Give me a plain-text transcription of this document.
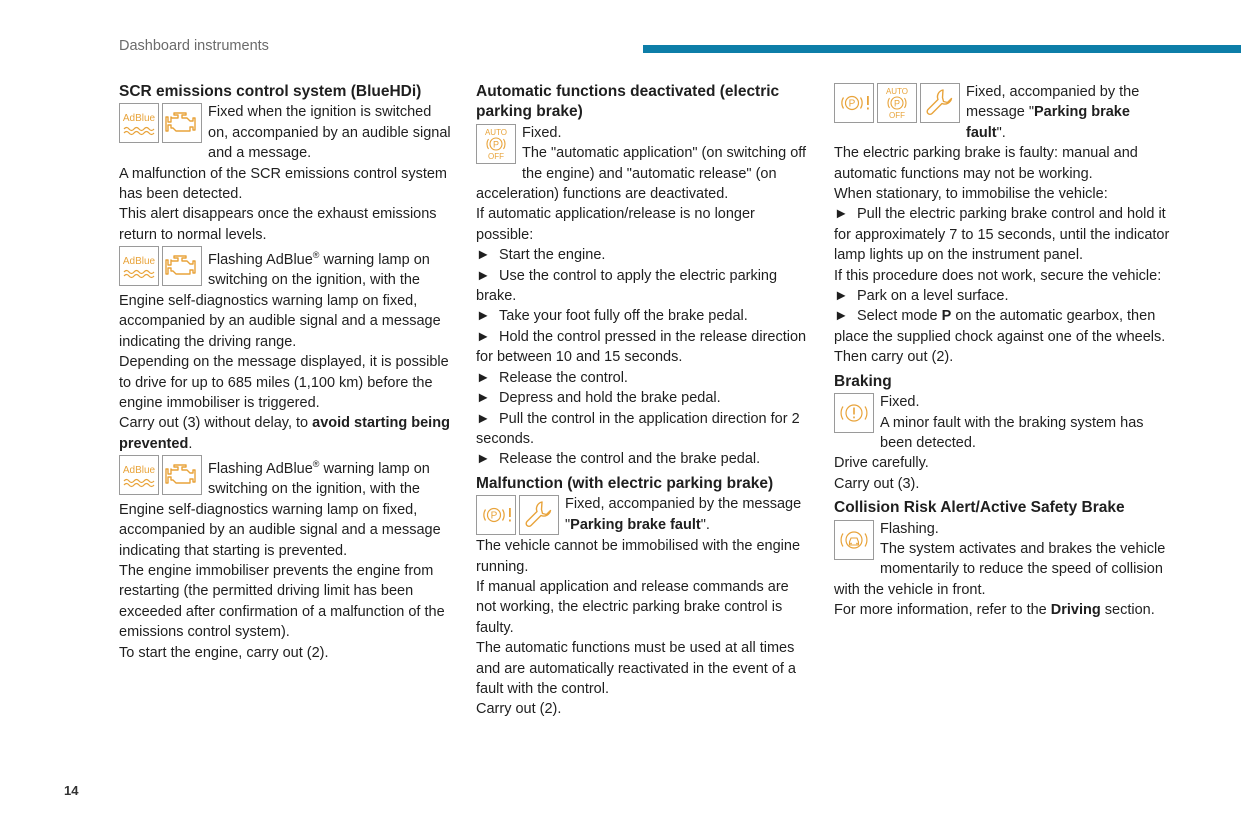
Dashboard instruments
SCR emissions control system (BlueHDi)
AdBlue	Fixed when the ignition is switched on, accompanied by an audible signal and a message.

A malfunction of the SCR emissions control system has been detected.

This alert disappears once the exhaust emissions return to normal levels.

AdBlue	Flashing AdBlue® warning lamp on switching on the ignition, with the Engine self-diagnostics warning lamp on fixed, accompanied by an audible signal and a message indicating the driving range.

Depending on the message displayed, it is possible to drive for up to 685 miles (1,100 km) before the engine immobiliser is triggered.

Carry out (3) without delay, to avoid starting being prevented.

AdBlue	Flashing AdBlue® warning lamp on switching on the ignition, with the Engine self-diagnostics warning lamp on fixed, accompanied by an audible signal and a message indicating that starting is prevented.

The engine immobiliser prevents the engine from restarting (the permitted driving limit has been exceeded after confirmation of a malfunction of the emissions control system).

To start the engine, carry out (2).

Automatic functions deactivated (electric parking brake)
AUTO
P
OFF

Fixed.

The "automatic application" (on switching off the engine) and "automatic release" (on acceleration) functions are deactivated.

If automatic application/release is no longer possible:

► Start the engine.

► Use the control to apply the electric parking brake.

► Take your foot fully off the brake pedal.

► Hold the control pressed in the release direction for between 10 and 15 seconds.

► Release the control.

► Depress and hold the brake pedal.

► Pull the control in the application direction for 2 seconds.

► Release the control and the brake pedal.

Malfunction (with electric parking brake)
P

Fixed, accompanied by the message "Parking brake fault".

The vehicle cannot be immobilised with the engine running.

If manual application and release commands are not working, the electric parking brake control is faulty.

The automatic functions must be used at all times and are automatically reactivated in the event of a fault with the control.

Carry out (2).

P
AUTO
P
OFF

Fixed, accompanied by the message "Parking brake fault".

The electric parking brake is faulty: manual and automatic functions may not be working.

When stationary, to immobilise the vehicle:

► Pull the electric parking brake control and hold it for approximately 7 to 15 seconds, until the indicator lamp lights up on the instrument panel.

If this procedure does not work, secure the vehicle:

► Park on a level surface.

► Select mode P on the automatic gearbox, then place the supplied chock against one of the wheels.

Then carry out (2).

Braking

Fixed.

A minor fault with the braking system has been detected.

Drive carefully.

Carry out (3).

Collision Risk Alert/Active Safety Brake

Flashing.

The system activates and brakes the vehicle momentarily to reduce the speed of collision with the vehicle in front.

For more information, refer to the Driving section.

14
